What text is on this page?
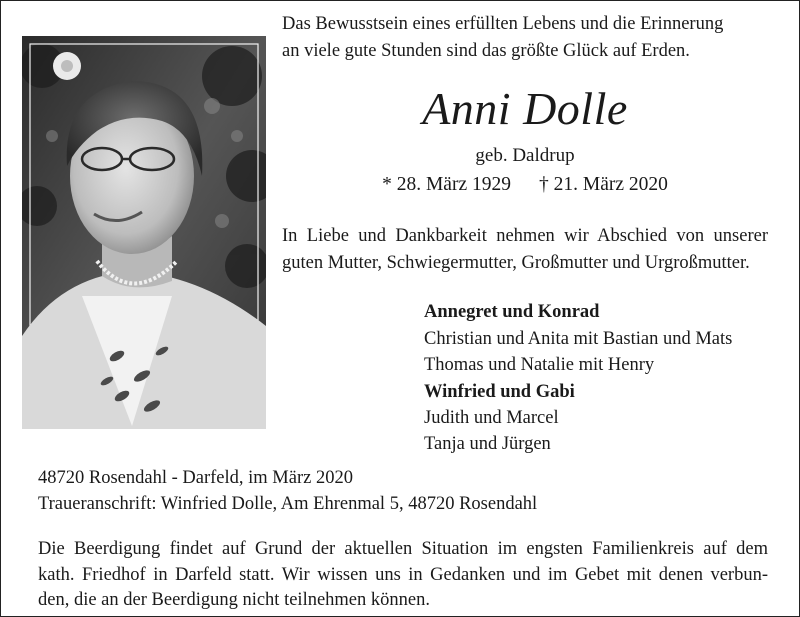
Das Bewusstsein eines erfüllten Lebens und die Erinnerung
an viele gute Stunden sind das größte Glück auf Erden.
Anni Dolle
geb. Daldrup
* 28. März 1929 † 21. März 2020
In Liebe und Dankbarkeit nehmen wir Abschied von unserer
guten Mutter, Schwiegermutter, Großmutter und Urgroßmutter.
Annegret und Konrad
Christian und Anita mit Bastian und Mats
Thomas und Natalie mit Henry
Winfried und Gabi
Judith und Marcel
Tanja und Jürgen
48720 Rosendahl - Darfeld, im März 2020
Traueranschrift: Winfried Dolle, Am Ehrenmal 5, 48720 Rosendahl
Die Beerdigung findet auf Grund der aktuellen Situation im engsten Familienkreis auf dem
kath. Friedhof in Darfeld statt. Wir wissen uns in Gedanken und im Gebet mit denen verbun-
den, die an der Beerdigung nicht teilnehmen können.
